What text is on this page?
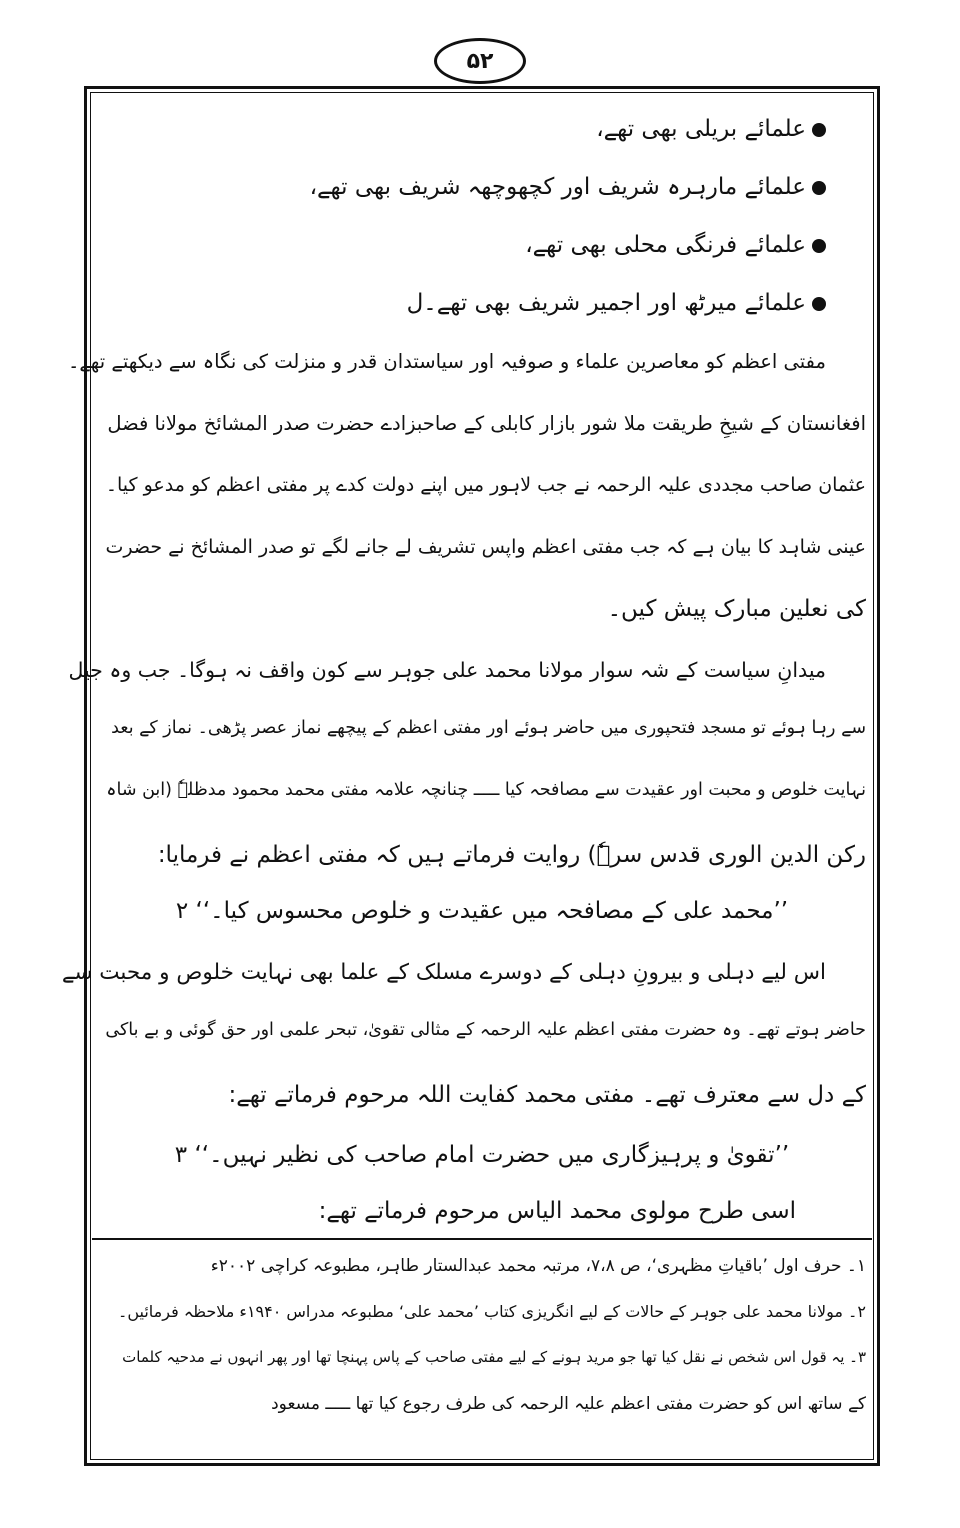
۵۲
علمائے بریلی بھی تھے،
علمائے مارہرہ شریف اور کچھوچھہ شریف بھی تھے،
علمائے فرنگی محلی بھی تھے،
علمائے میرٹھ اور اجمیر شریف بھی تھے۔ل
مفتی اعظم کو معاصرین علماء و صوفیہ اور سیاستدان قدر و منزلت کی نگاہ سے دیکھتے تھے۔
افغانستان کے شیخِ طریقت ملا شور بازار کابلی کے صاحبزادے حضرت صدر المشائخ مولانا فضل
عثمان صاحب مجددی علیہ الرحمہ نے جب لاہور میں اپنے دولت کدے پر مفتی اعظم کو مدعو کیا۔
عینی شاہد کا بیان ہے کہ جب مفتی اعظم واپس تشریف لے جانے لگے تو صدر المشائخ نے حضرت
کی نعلین مبارک پیش کیں۔
میدانِ سیاست کے شہ سوار مولانا محمد علی جوہر سے کون واقف نہ ہوگا۔ جب وہ جیل
سے رہا ہوئے تو مسجد فتحپوری میں حاضر ہوئے اور مفتی اعظم کے پیچھے نماز عصر پڑھی۔ نماز کے بعد
نہایت خلوص و محبت اور عقیدت سے مصافحہ کیا ـــــ چنانچہ علامہ مفتی محمد محمود مدظلہٗ (ابن شاہ
رکن الدین الوری قدس سرہٗ) روایت فرماتے ہیں کہ مفتی اعظم نے فرمایا:
’’محمد علی کے مصافحہ میں عقیدت و خلوص محسوس کیا۔‘‘ ۲
اس لیے دہلی و بیرونِ دہلی کے دوسرے مسلک کے علما بھی نہایت خلوص و محبت سے
حاضر ہوتے تھے۔ وہ حضرت مفتی اعظم علیہ الرحمہ کے مثالی تقویٰ، تبحر علمی اور حق گوئی و بے باکی
کے دل سے معترف تھے۔ مفتی محمد کفایت اللہ مرحوم فرماتے تھے:
’’تقویٰ و پرہیزگاری میں حضرت امام صاحب کی نظیر نہیں۔‘‘ ۳
اسی طرح مولوی محمد الیاس مرحوم فرماتے تھے:
۱۔ حرف اول ’باقیاتِ مظہری‘، ص ۷،۸، مرتبہ محمد عبدالستار طاہر، مطبوعہ کراچی ۲۰۰۲ء
۲۔ مولانا محمد علی جوہر کے حالات کے لیے انگریزی کتاب ’محمد علی‘ مطبوعہ مدراس ۱۹۴۰ء ملاحظہ فرمائیں۔
۳۔ یہ قول اس شخص نے نقل کیا تھا جو مرید ہونے کے لیے مفتی صاحب کے پاس پہنچا تھا اور پھر انہوں نے مدحیہ کلمات
کے ساتھ اس کو حضرت مفتی اعظم علیہ الرحمہ کی طرف رجوع کیا تھا ـــــ مسعود
